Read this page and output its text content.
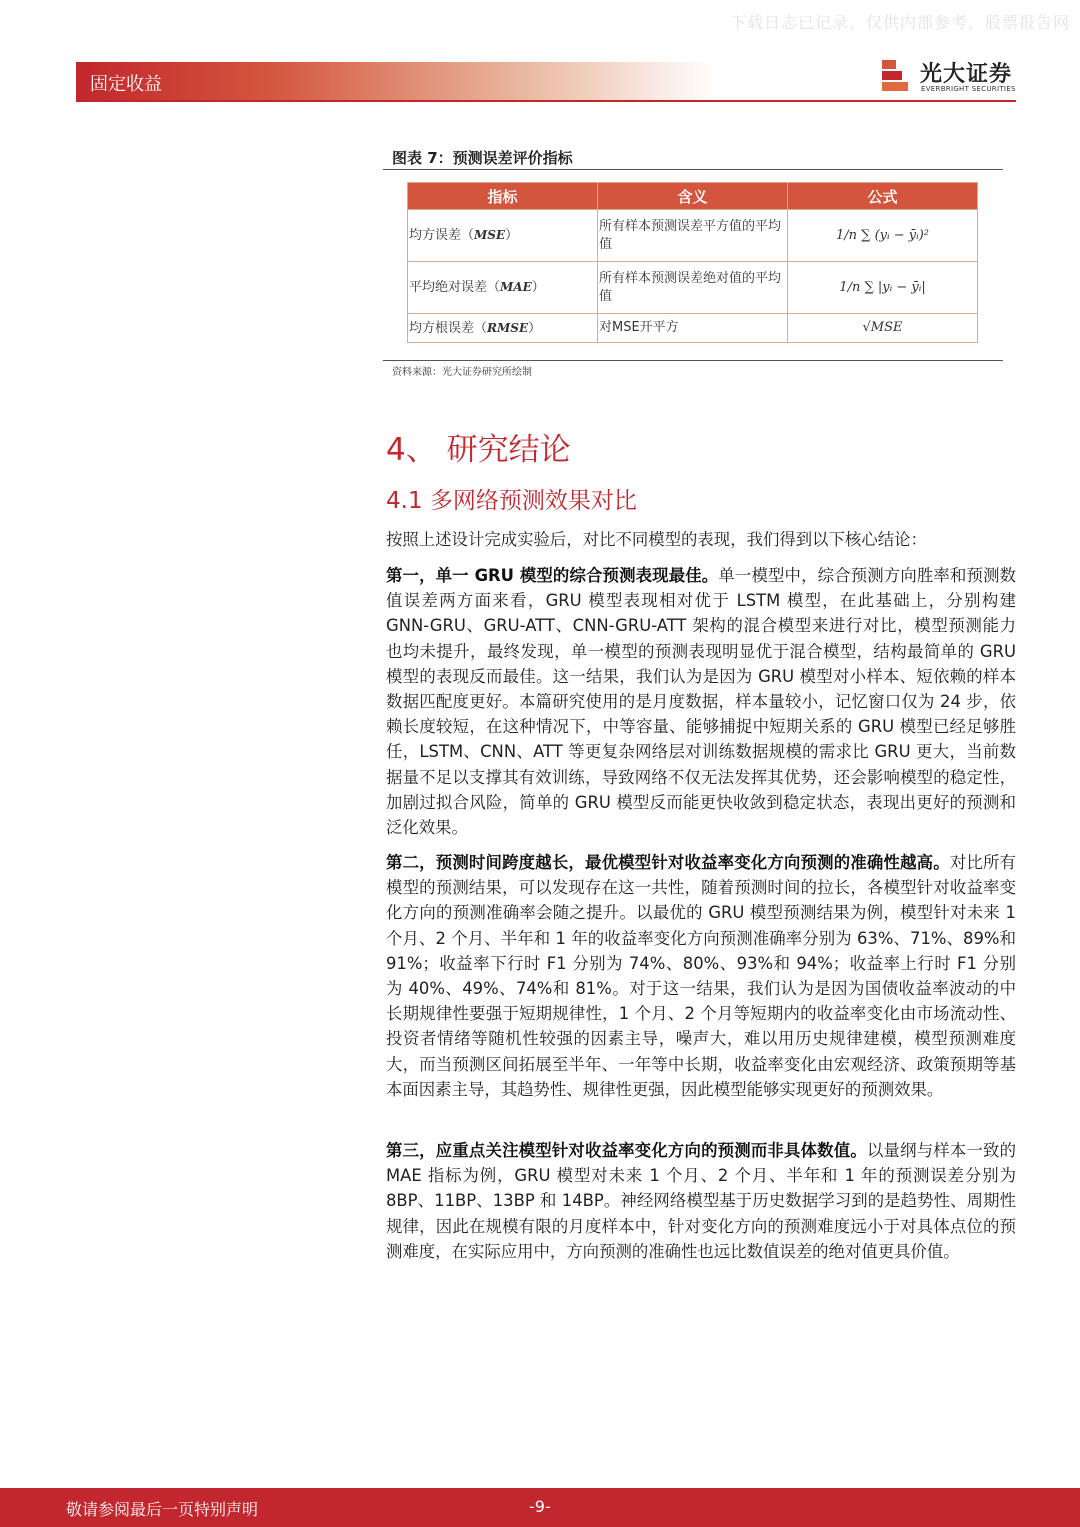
下载日志已记录，仅供内部参考，股票报告网
固定收益	光大证券
EVERBRIGHT SECURITIES
图表 7：预测误差评价指标
指标	含义	公式
均方误差（MSE）	所有样本预测误差平方值的平均值	1/n ∑ (yᵢ − ȳᵢ)²
平均绝对误差（MAE）	所有样本预测误差绝对值的平均值	1/n ∑ |yᵢ − ȳᵢ|
均方根误差（RMSE）	对MSE开平方	√MSE
资料来源：光大证券研究所绘制
4、 研究结论
4.1 多网络预测效果对比
按照上述设计完成实验后，对比不同模型的表现，我们得到以下核心结论：
第一，单一 GRU 模型的综合预测表现最佳。单一模型中，综合预测方向胜率和预测数值误差两方面来看，GRU 模型表现相对优于 LSTM 模型，在此基础上，分别构建 GNN-GRU、GRU-ATT、CNN-GRU-ATT 架构的混合模型来进行对比，模型预测能力也均未提升，最终发现，单一模型的预测表现明显优于混合模型，结构最简单的 GRU 模型的表现反而最佳。这一结果，我们认为是因为 GRU 模型对小样本、短依赖的样本数据匹配度更好。本篇研究使用的是月度数据，样本量较小，记忆窗口仅为 24 步，依赖长度较短，在这种情况下，中等容量、能够捕捉中短期关系的 GRU 模型已经足够胜任，LSTM、CNN、ATT 等更复杂网络层对训练数据规模的需求比 GRU 更大，当前数据量不足以支撑其有效训练，导致网络不仅无法发挥其优势，还会影响模型的稳定性，加剧过拟合风险，简单的 GRU 模型反而能更快收敛到稳定状态，表现出更好的预测和泛化效果。
第二，预测时间跨度越长，最优模型针对收益率变化方向预测的准确性越高。对比所有模型的预测结果，可以发现存在这一共性，随着预测时间的拉长，各模型针对收益率变化方向的预测准确率会随之提升。以最优的 GRU 模型预测结果为例，模型针对未来 1 个月、2 个月、半年和 1 年的收益率变化方向预测准确率分别为 63%、71%、89%和 91%；收益率下行时 F1 分别为 74%、80%、93%和 94%；收益率上行时 F1 分别为 40%、49%、74%和 81%。对于这一结果，我们认为是因为国债收益率波动的中长期规律性要强于短期规律性，1 个月、2 个月等短期内的收益率变化由市场流动性、投资者情绪等随机性较强的因素主导，噪声大，难以用历史规律建模，模型预测难度大，而当预测区间拓展至半年、一年等中长期，收益率变化由宏观经济、政策预期等基本面因素主导，其趋势性、规律性更强，因此模型能够实现更好的预测效果。
第三，应重点关注模型针对收益率变化方向的预测而非具体数值。以量纲与样本一致的 MAE 指标为例，GRU 模型对未来 1 个月、2 个月、半年和 1 年的预测误差分别为 8BP、11BP、13BP 和 14BP。神经网络模型基于历史数据学习到的是趋势性、周期性规律，因此在规模有限的月度样本中，针对变化方向的预测难度远小于对具体点位的预测难度，在实际应用中，方向预测的准确性也远比数值误差的绝对值更具价值。
敬请参阅最后一页特别声明	-9-
